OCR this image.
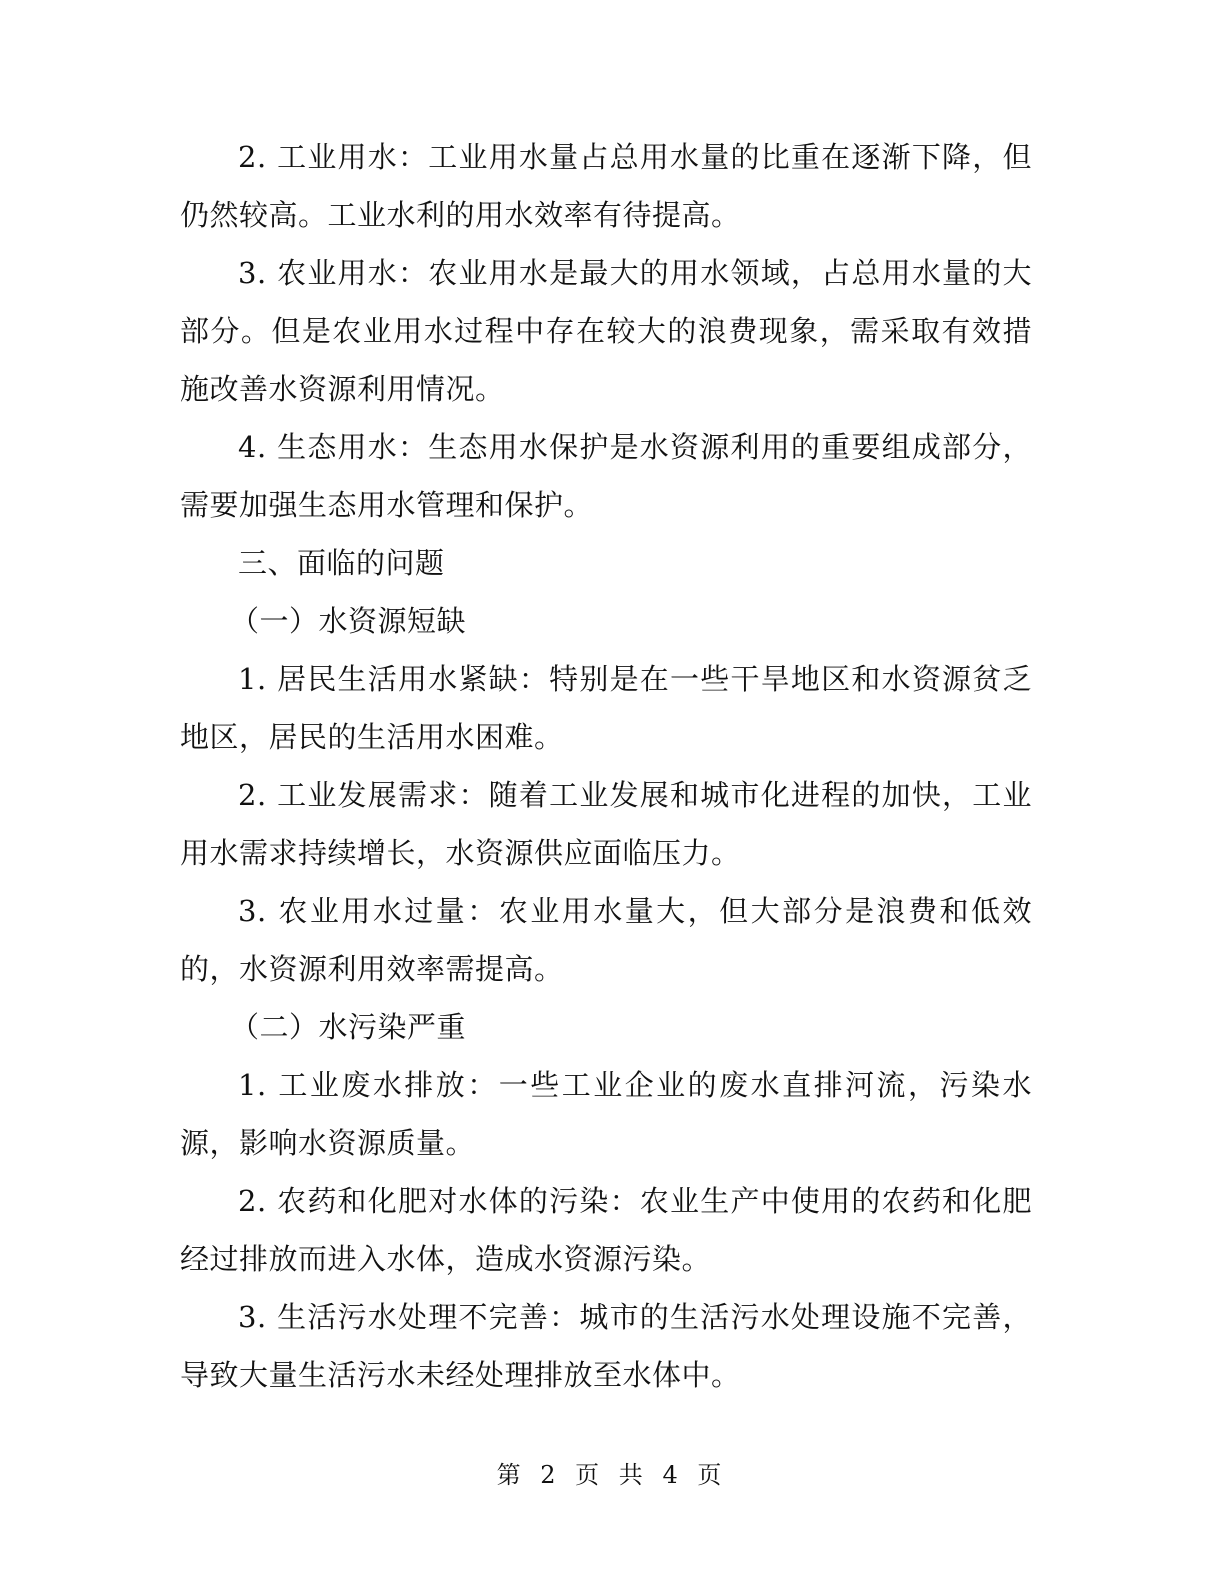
2. 工业用水：工业用水量占总用水量的比重在逐渐下降，但仍然较高。工业水利的用水效率有待提高。

3. 农业用水：农业用水是最大的用水领域，占总用水量的大部分。但是农业用水过程中存在较大的浪费现象，需采取有效措施改善水资源利用情况。

4. 生态用水：生态用水保护是水资源利用的重要组成部分，需要加强生态用水管理和保护。

三、面临的问题

（一）水资源短缺

1. 居民生活用水紧缺：特别是在一些干旱地区和水资源贫乏地区，居民的生活用水困难。

2. 工业发展需求：随着工业发展和城市化进程的加快，工业用水需求持续增长，水资源供应面临压力。

3. 农业用水过量：农业用水量大，但大部分是浪费和低效的，水资源利用效率需提高。

（二）水污染严重

1. 工业废水排放：一些工业企业的废水直排河流，污染水源，影响水资源质量。

2. 农药和化肥对水体的污染：农业生产中使用的农药和化肥经过排放而进入水体，造成水资源污染。

3. 生活污水处理不完善：城市的生活污水处理设施不完善，导致大量生活污水未经处理排放至水体中。

第 2 页 共 4 页
